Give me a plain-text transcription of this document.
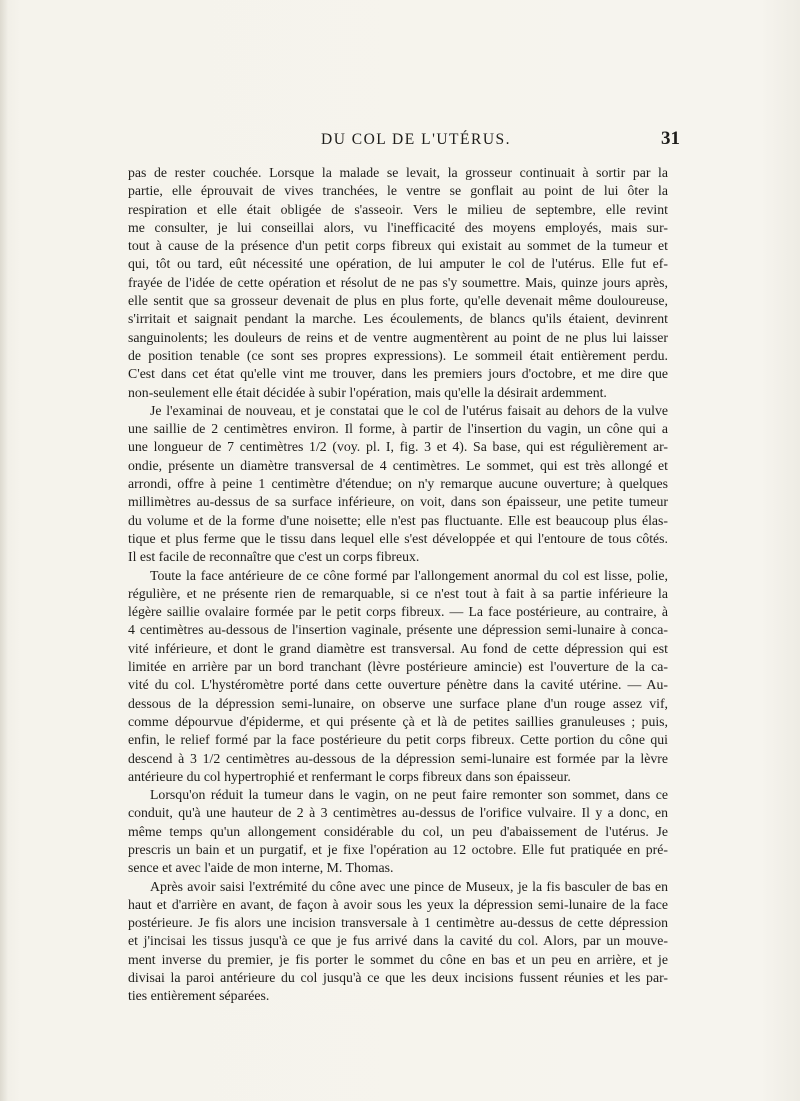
DU COL DE L'UTÉRUS.	31
pas de rester couchée. Lorsque la malade se levait, la grosseur continuait à sortir par la
partie, elle éprouvait de vives tranchées, le ventre se gonflait au point de lui ôter la
respiration et elle était obligée de s'asseoir. Vers le milieu de septembre, elle revint
me consulter, je lui conseillai alors, vu l'inefficacité des moyens employés, mais sur-
tout à cause de la présence d'un petit corps fibreux qui existait au sommet de la tumeur et
qui, tôt ou tard, eût nécessité une opération, de lui amputer le col de l'utérus. Elle fut ef-
frayée de l'idée de cette opération et résolut de ne pas s'y soumettre. Mais, quinze jours après,
elle sentit que sa grosseur devenait de plus en plus forte, qu'elle devenait même douloureuse,
s'irritait et saignait pendant la marche. Les écoulements, de blancs qu'ils étaient, devinrent
sanguinolents; les douleurs de reins et de ventre augmentèrent au point de ne plus lui laisser
de position tenable (ce sont ses propres expressions). Le sommeil était entièrement perdu.
C'est dans cet état qu'elle vint me trouver, dans les premiers jours d'octobre, et me dire que
non-seulement elle était décidée à subir l'opération, mais qu'elle la désirait ardemment.
Je l'examinai de nouveau, et je constatai que le col de l'utérus faisait au dehors de la vulve
une saillie de 2 centimètres environ. Il forme, à partir de l'insertion du vagin, un cône qui a
une longueur de 7 centimètres 1/2 (voy. pl. I, fig. 3 et 4). Sa base, qui est régulièrement ar-
ondie, présente un diamètre transversal de 4 centimètres. Le sommet, qui est très allongé et
arrondi, offre à peine 1 centimètre d'étendue; on n'y remarque aucune ouverture; à quelques
millimètres au-dessus de sa surface inférieure, on voit, dans son épaisseur, une petite tumeur
du volume et de la forme d'une noisette; elle n'est pas fluctuante. Elle est beaucoup plus élas-
tique et plus ferme que le tissu dans lequel elle s'est développée et qui l'entoure de tous côtés.
Il est facile de reconnaître que c'est un corps fibreux.
Toute la face antérieure de ce cône formé par l'allongement anormal du col est lisse, polie,
régulière, et ne présente rien de remarquable, si ce n'est tout à fait à sa partie inférieure la
légère saillie ovalaire formée par le petit corps fibreux. — La face postérieure, au contraire, à
4 centimètres au-dessous de l'insertion vaginale, présente une dépression semi-lunaire à conca-
vité inférieure, et dont le grand diamètre est transversal. Au fond de cette dépression qui est
limitée en arrière par un bord tranchant (lèvre postérieure amincie) est l'ouverture de la ca-
vité du col. L'hystéromètre porté dans cette ouverture pénètre dans la cavité utérine. — Au-
dessous de la dépression semi-lunaire, on observe une surface plane d'un rouge assez vif,
comme dépourvue d'épiderme, et qui présente çà et là de petites saillies granuleuses ; puis,
enfin, le relief formé par la face postérieure du petit corps fibreux. Cette portion du cône qui
descend à 3 1/2 centimètres au-dessous de la dépression semi-lunaire est formée par la lèvre
antérieure du col hypertrophié et renfermant le corps fibreux dans son épaisseur.
Lorsqu'on réduit la tumeur dans le vagin, on ne peut faire remonter son sommet, dans ce
conduit, qu'à une hauteur de 2 à 3 centimètres au-dessus de l'orifice vulvaire. Il y a donc, en
même temps qu'un allongement considérable du col, un peu d'abaissement de l'utérus. Je
prescris un bain et un purgatif, et je fixe l'opération au 12 octobre. Elle fut pratiquée en pré-
sence et avec l'aide de mon interne, M. Thomas.
Après avoir saisi l'extrémité du cône avec une pince de Museux, je la fis basculer de bas en
haut et d'arrière en avant, de façon à avoir sous les yeux la dépression semi-lunaire de la face
postérieure. Je fis alors une incision transversale à 1 centimètre au-dessus de cette dépression
et j'incisai les tissus jusqu'à ce que je fus arrivé dans la cavité du col. Alors, par un mouve-
ment inverse du premier, je fis porter le sommet du cône en bas et un peu en arrière, et je
divisai la paroi antérieure du col jusqu'à ce que les deux incisions fussent réunies et les par-
ties entièrement séparées.
